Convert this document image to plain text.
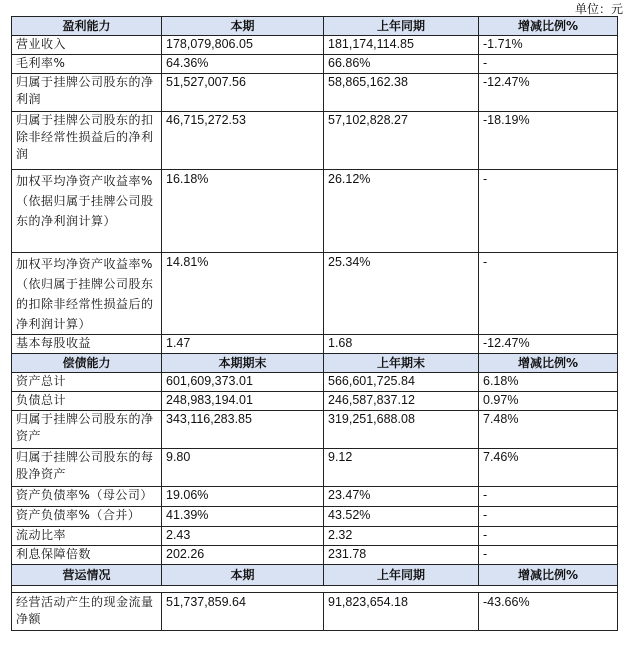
单位：元
盈利能力	本期	上年同期	增减比例%
营业收入	178,079,806.05	181,174,114.85	-1.71%
毛利率%	64.36%	66.86%	-
归属于挂牌公司股东的净利润	51,527,007.56	58,865,162.38	-12.47%
归属于挂牌公司股东的扣除非经常性损益后的净利润	46,715,272.53	57,102,828.27	-18.19%
加权平均净资产收益率%（依据归属于挂牌公司股东的净利润计算）	16.18%	26.12%	-
加权平均净资产收益率%（依归属于挂牌公司股东的扣除非经常性损益后的净利润计算）	14.81%	25.34%	-
基本每股收益	1.47	1.68	-12.47%
偿债能力	本期期末	上年期末	增减比例%
资产总计	601,609,373.01	566,601,725.84	6.18%
负债总计	248,983,194.01	246,587,837.12	0.97%
归属于挂牌公司股东的净资产	343,116,283.85	319,251,688.08	7.48%
归属于挂牌公司股东的每股净资产	9.80	9.12	7.46%
资产负债率%（母公司）	19.06%	23.47%	-
资产负债率%（合并）	41.39%	43.52%	-
流动比率	2.43	2.32	-
利息保障倍数	202.26	231.78	-
营运情况	本期	上年同期	增减比例%

经营活动产生的现金流量净额	51,737,859.64	91,823,654.18	-43.66%
